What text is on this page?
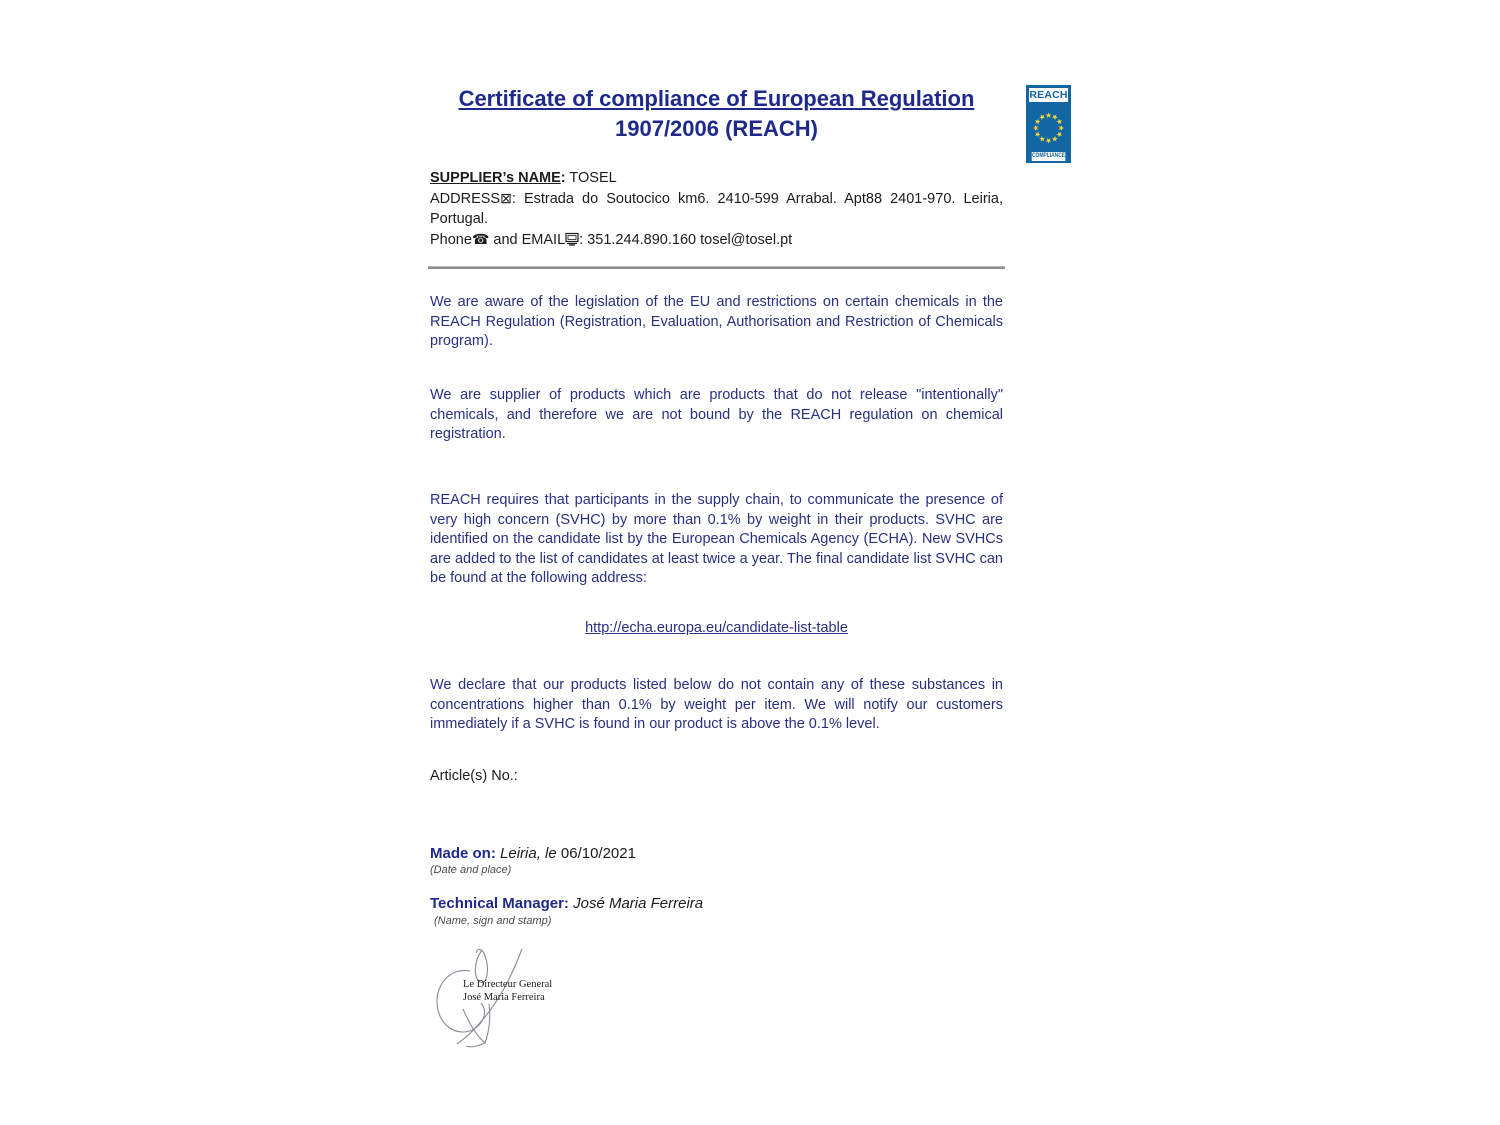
Certificate of compliance of European Regulation
1907/2006 (REACH)
SUPPLIER’s NAME: TOSEL
ADDRESS⊠: Estrada do Soutocico km6. 2410-599 Arrabal. Apt88 2401-970. Leiria, Portugal.
Phone☎ and EMAIL : 351.244.890.160 tosel@tosel.pt
We are aware of the legislation of the EU and restrictions on certain chemicals in the REACH Regulation (Registration, Evaluation, Authorisation and Restriction of Chemicals program).
We are supplier of products which are products that do not release "intentionally" chemicals, and therefore we are not bound by the REACH regulation on chemical registration.
REACH requires that participants in the supply chain, to communicate the presence of very high concern (SVHC) by more than 0.1% by weight in their products. SVHC are identified on the candidate list by the European Chemicals Agency (ECHA). New SVHCs are added to the list of candidates at least twice a year. The final candidate list SVHC can be found at the following address:
http://echa.europa.eu/candidate-list-table
We declare that our products listed below do not contain any of these substances in concentrations higher than 0.1% by weight per item. We will notify our customers immediately if a SVHC is found in our product is above the 0.1% level.
Article(s) No.:
Made on: Leiria, le 06/10/2021
(Date and place)
Technical Manager: José Maria Ferreira
(Name, sign and stamp)
REACH
COMPLIANCE
Le Directeur General
José Maria Ferreira
